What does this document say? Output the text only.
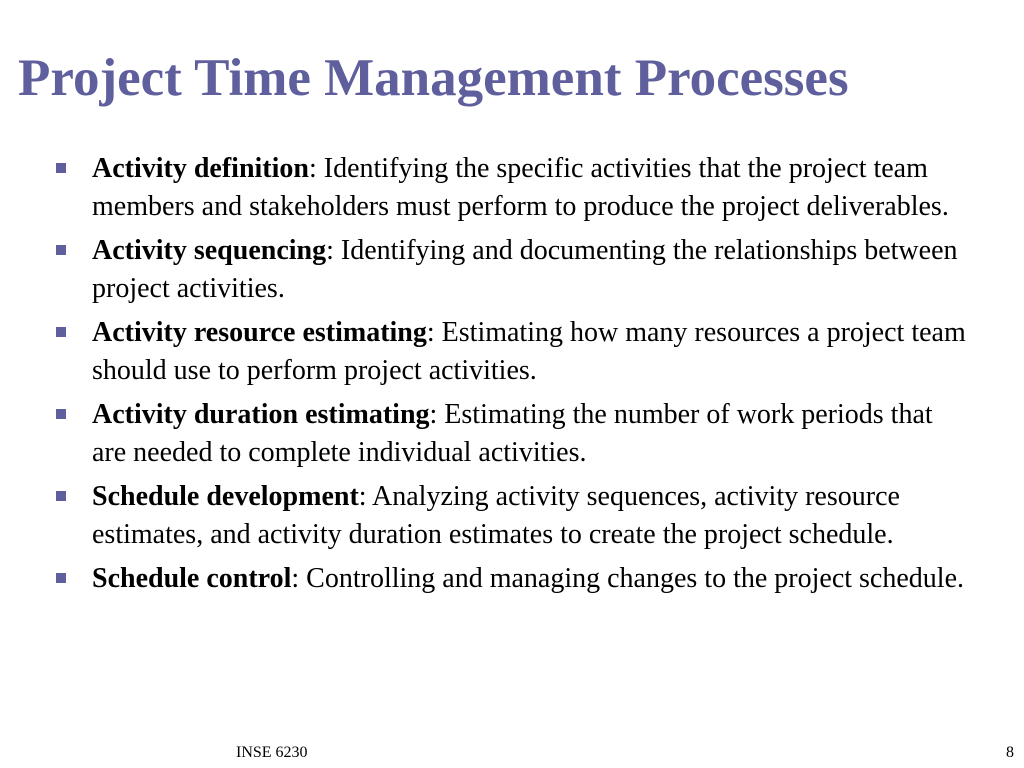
Project Time Management Processes
Activity definition: Identifying the specific activities that the project team members and stakeholders must perform to produce the project deliverables.
Activity sequencing: Identifying and documenting the relationships between project activities.
Activity resource estimating: Estimating how many resources a project team should use to perform project activities.
Activity duration estimating: Estimating the number of work periods that are needed to complete individual activities.
Schedule development: Analyzing activity sequences, activity resource estimates, and activity duration estimates to create the project schedule.
Schedule control: Controlling and managing changes to the project schedule.
INSE 6230	8
